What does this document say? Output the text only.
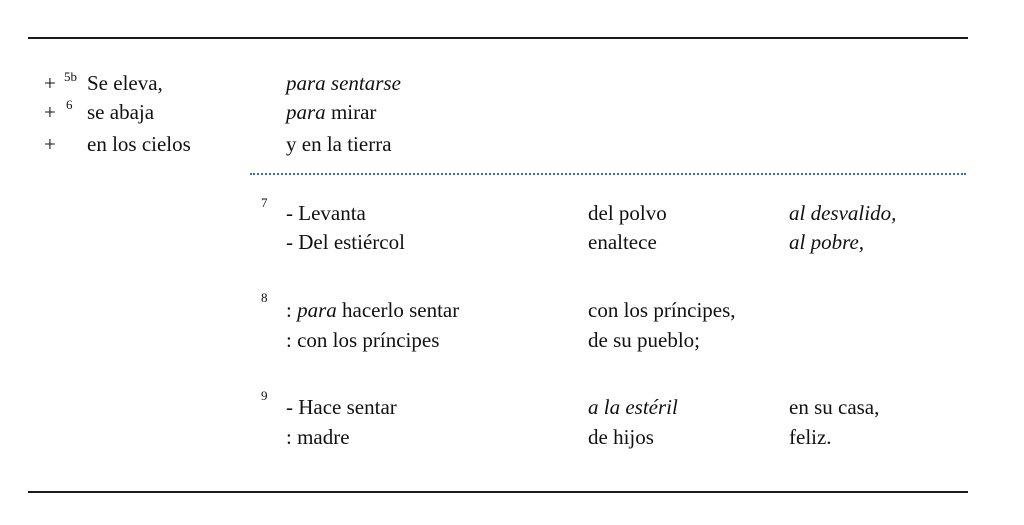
+ 5b Se eleva,	para sentarse
+ 6 se abaja	para mirar
+ en los cielos	y en la tierra
7 - Levanta	del polvo	al desvalido,
- Del estiércol	enaltece	al pobre,
8
: para hacerlo sentar	con los príncipes,
: con los príncipes	de su pueblo;
9 - Hace sentar	a la estéril	en su casa,
: madre	de hijos	feliz.
